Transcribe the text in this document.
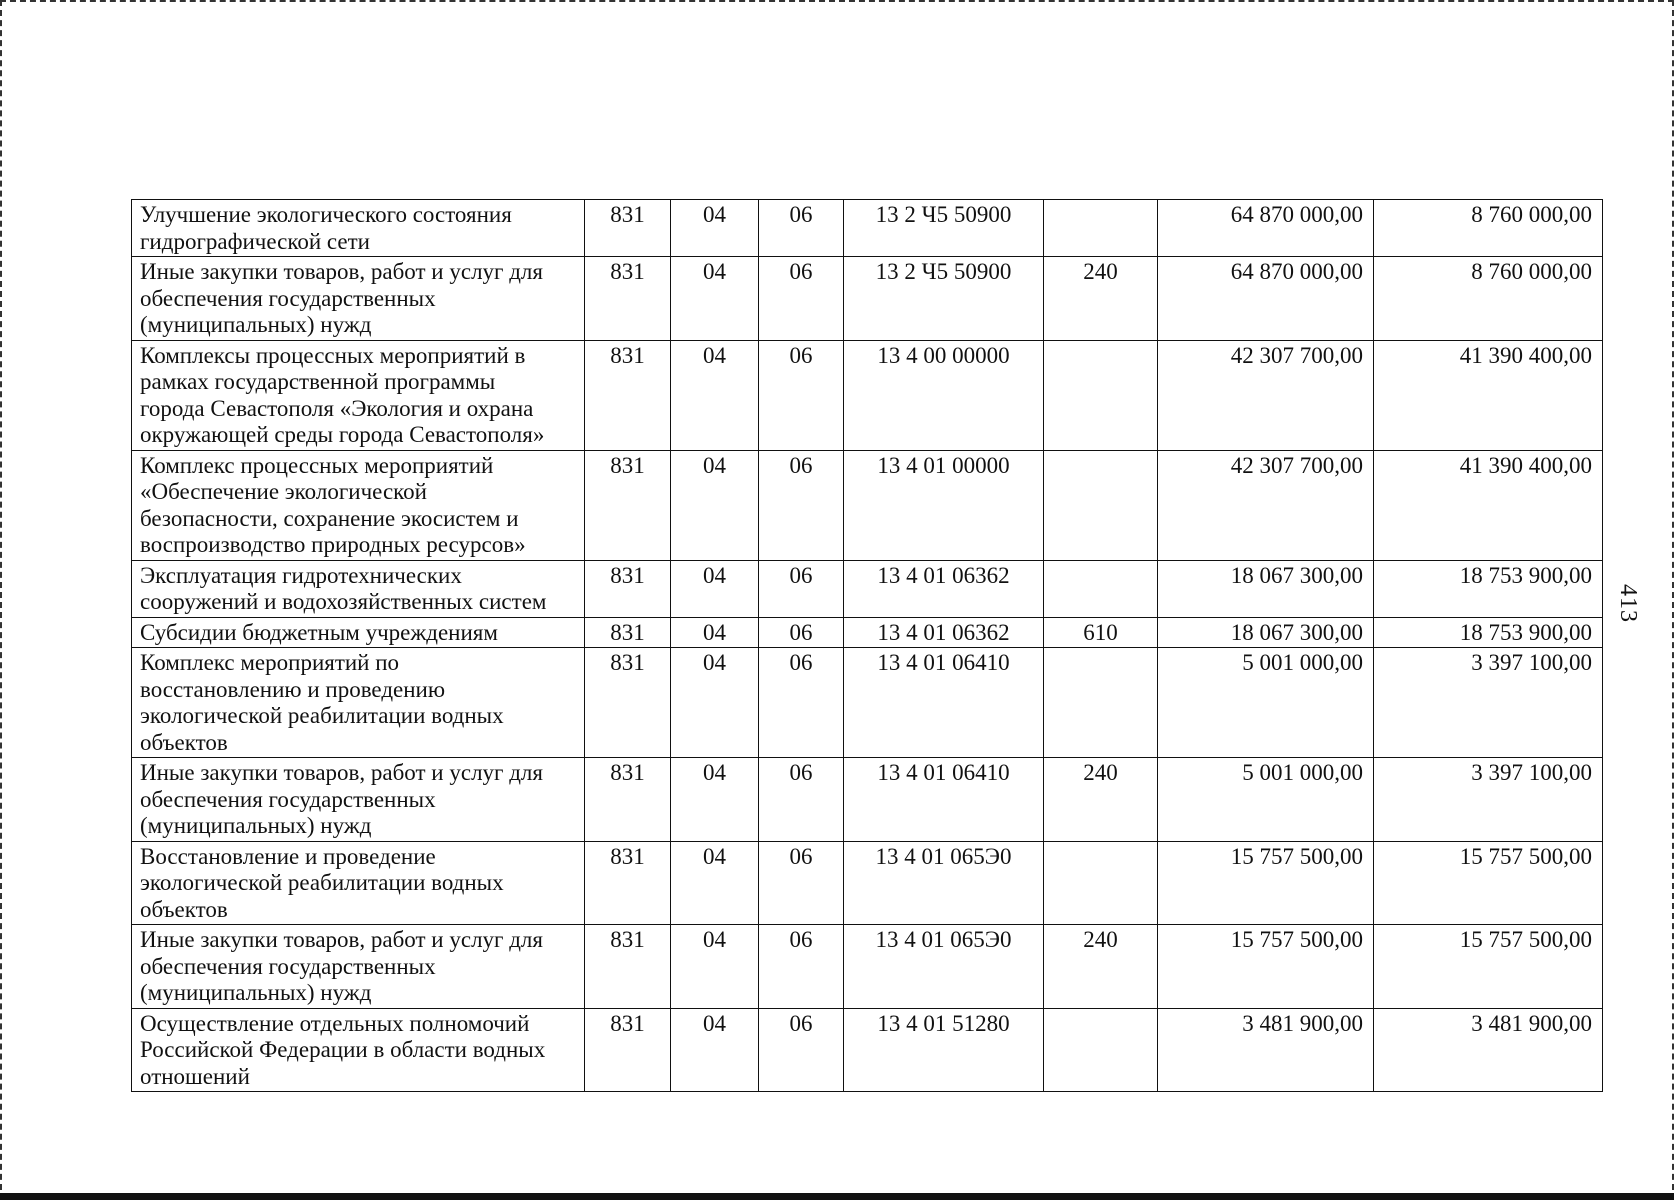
Улучшение экологического состояния
гидрографической сети	831	04	06	13 2 Ч5 50900		64 870 000,00	8 760 000,00

Иные закупки товаров, работ и услуг для
обеспечения государственных
(муниципальных) нужд	831	04	06	13 2 Ч5 50900	240	64 870 000,00	8 760 000,00

Комплексы процессных мероприятий в
рамках государственной программы
города Севастополя «Экология и охрана
окружающей среды города Севастополя»	831	04	06	13 4 00 00000		42 307 700,00	41 390 400,00

Комплекс процессных мероприятий
«Обеспечение экологической
безопасности, сохранение экосистем и
воспроизводство природных ресурсов»	831	04	06	13 4 01 00000		42 307 700,00	41 390 400,00

Эксплуатация гидротехнических
сооружений и водохозяйственных систем	831	04	06	13 4 01 06362		18 067 300,00	18 753 900,00

Субсидии бюджетным учреждениям	831	04	06	13 4 01 06362	610	18 067 300,00	18 753 900,00

Комплекс мероприятий по
восстановлению и проведению
экологической реабилитации водных
объектов	831	04	06	13 4 01 06410		5 001 000,00	3 397 100,00

Иные закупки товаров, работ и услуг для
обеспечения государственных
(муниципальных) нужд	831	04	06	13 4 01 06410	240	5 001 000,00	3 397 100,00

Восстановление и проведение
экологической реабилитации водных
объектов	831	04	06	13 4 01 065Э0		15 757 500,00	15 757 500,00

Иные закупки товаров, работ и услуг для
обеспечения государственных
(муниципальных) нужд	831	04	06	13 4 01 065Э0	240	15 757 500,00	15 757 500,00

Осуществление отдельных полномочий
Российской Федерации в области водных
отношений	831	04	06	13 4 01 51280		3 481 900,00	3 481 900,00
413
